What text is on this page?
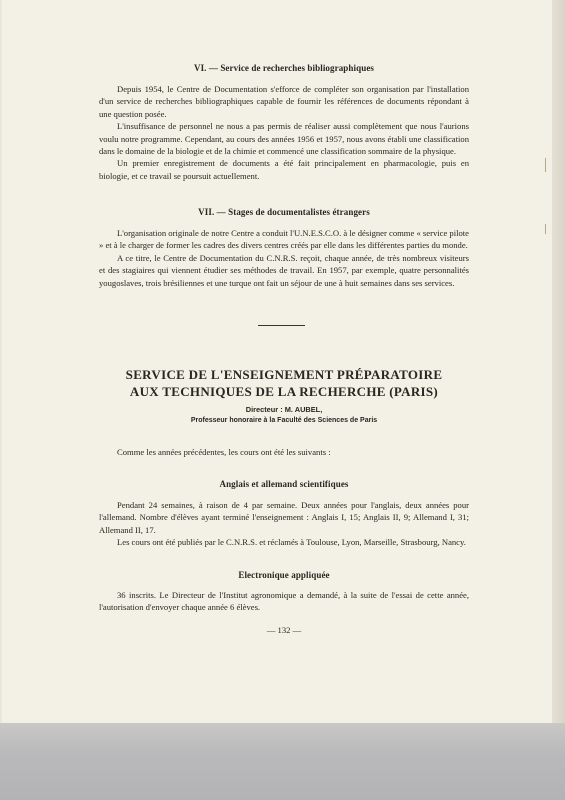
VI. — Service de recherches bibliographiques

Depuis 1954, le Centre de Documentation s'efforce de compléter son organisation par l'installation d'un service de recherches bibliographiques capable de fournir les références de documents répondant à une question posée.

L'insuffisance de personnel ne nous a pas permis de réaliser aussi complètement que nous l'aurions voulu notre programme. Cependant, au cours des années 1956 et 1957, nous avons établi une classification dans le domaine de la biologie et de la chimie et commencé une classification sommaire de la physique.

Un premier enregistrement de documents a été fait principalement en pharmacologie, puis en biologie, et ce travail se poursuit actuellement.

VII. — Stages de documentalistes étrangers

L'organisation originale de notre Centre a conduit l'U.N.E.S.C.O. à le désigner comme « service pilote » et à le charger de former les cadres des divers centres créés par elle dans les différentes parties du monde.

A ce titre, le Centre de Documentation du C.N.R.S. reçoit, chaque année, de très nombreux visiteurs et des stagiaires qui viennent étudier ses méthodes de travail. En 1957, par exemple, quatre personnalités yougoslaves, trois brésiliennes et une turque ont fait un séjour de une à huit semaines dans ses services.

SERVICE DE L'ENSEIGNEMENT PRÉPARATOIRE
AUX TECHNIQUES DE LA RECHERCHE (PARIS)
Directeur : M. AUBEL,
Professeur honoraire à la Faculté des Sciences de Paris

Comme les années précédentes, les cours ont été les suivants :

Anglais et allemand scientifiques

Pendant 24 semaines, à raison de 4 par semaine. Deux années pour l'anglais, deux années pour l'allemand. Nombre d'élèves ayant terminé l'enseignement : Anglais I, 15; Anglais II, 9; Allemand I, 31; Allemand II, 17.

Les cours ont été publiés par le C.N.R.S. et réclamés à Toulouse, Lyon, Marseille, Strasbourg, Nancy.

Electronique appliquée

36 inscrits. Le Directeur de l'Institut agronomique a demandé, à la suite de l'essai de cette année, l'autorisation d'envoyer chaque année 6 élèves.

— 132 —
